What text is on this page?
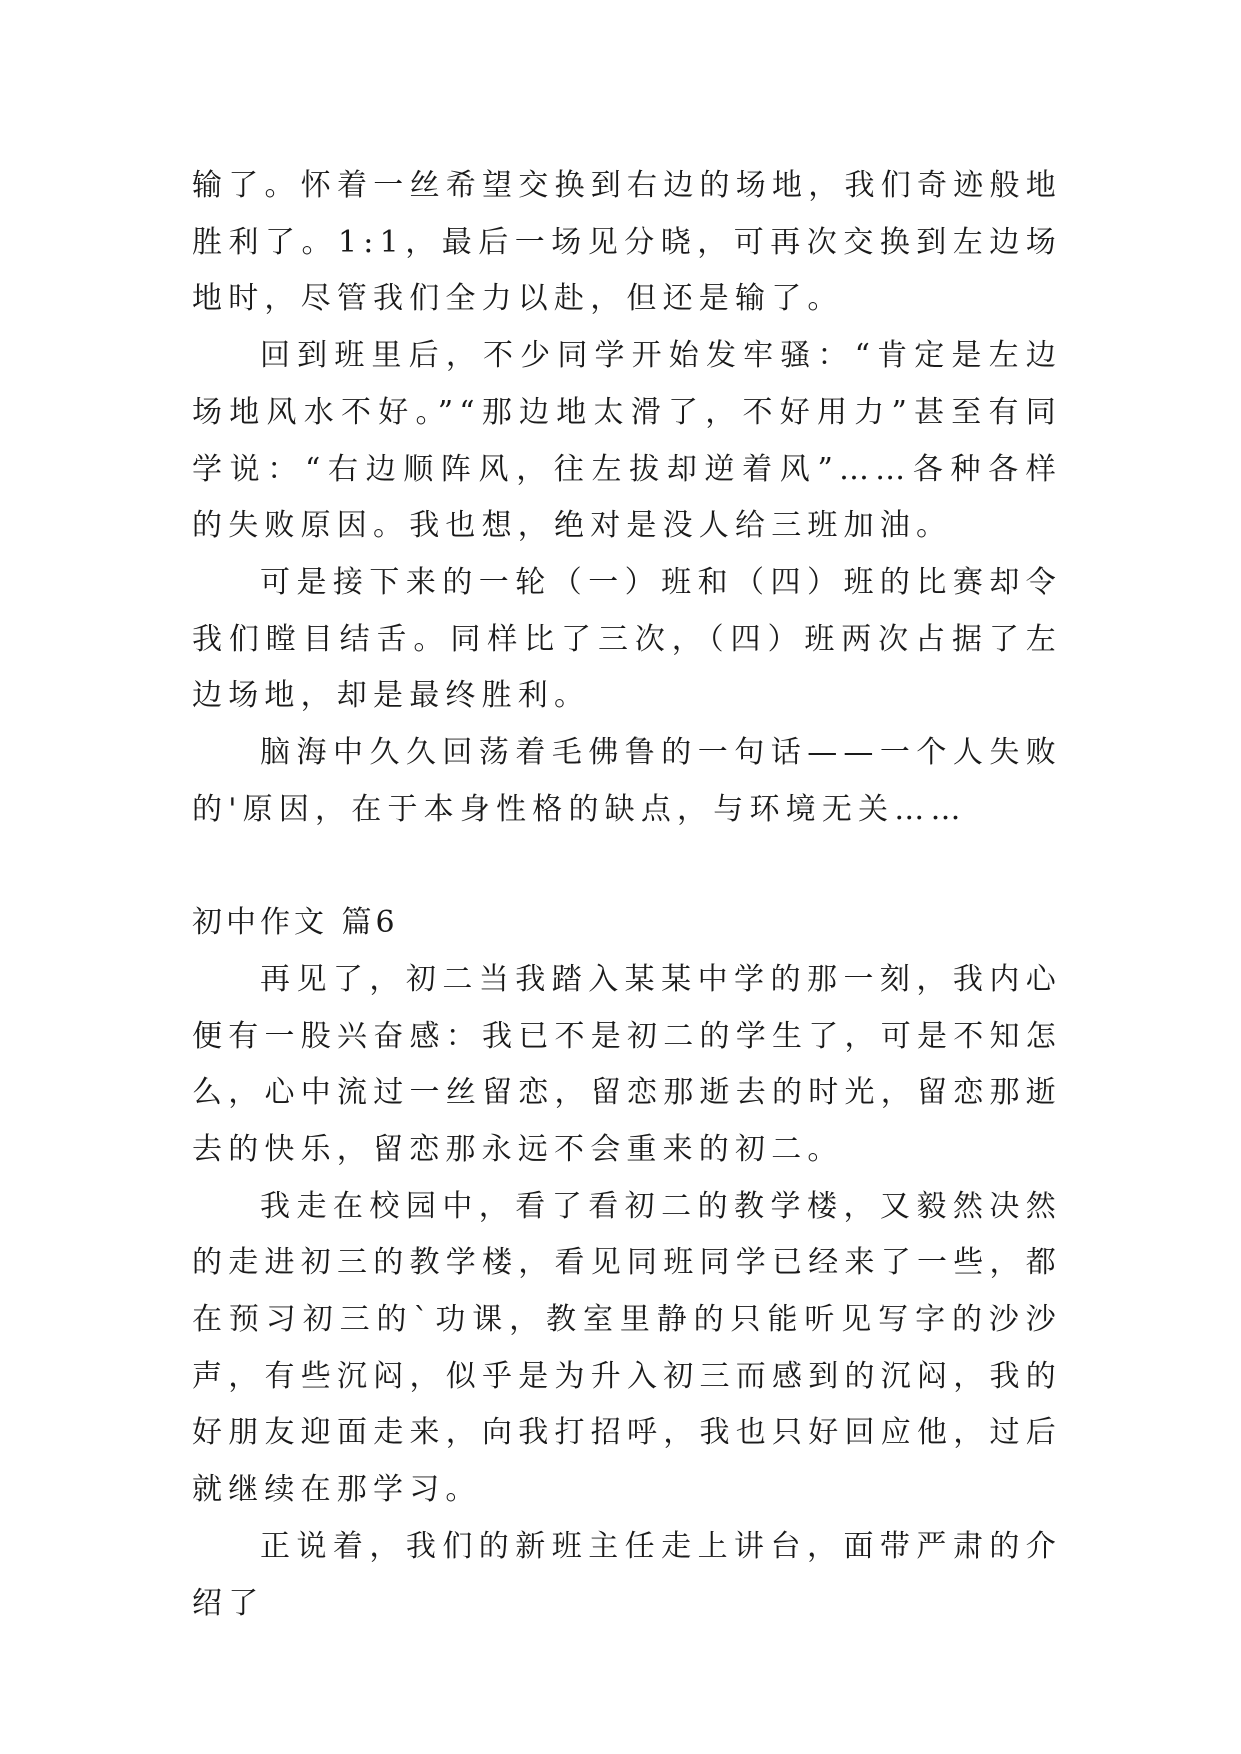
输了。怀着一丝希望交换到右边的场地，我们奇迹般地胜利了。1:1，最后一场见分晓，可再次交换到左边场地时，尽管我们全力以赴，但还是输了。

回到班里后，不少同学开始发牢骚：“肯定是左边场地风水不好。”“那边地太滑了，不好用力”甚至有同学说：“右边顺阵风，往左拔却逆着风”……各种各样的失败原因。我也想，绝对是没人给三班加油。

可是接下来的一轮（一）班和（四）班的比赛却令我们瞠目结舌。同样比了三次，（四）班两次占据了左边场地，却是最终胜利。

脑海中久久回荡着毛佛鲁的一句话——一个人失败的'原因，在于本身性格的缺点，与环境无关……

初中作文 篇6

再见了，初二当我踏入某某中学的那一刻，我内心便有一股兴奋感：我已不是初二的学生了，可是不知怎么，心中流过一丝留恋，留恋那逝去的时光，留恋那逝去的快乐，留恋那永远不会重来的初二。

我走在校园中，看了看初二的教学楼，又毅然决然的走进初三的教学楼，看见同班同学已经来了一些，都在预习初三的`功课，教室里静的只能听见写字的沙沙声，有些沉闷，似乎是为升入初三而感到的沉闷，我的好朋友迎面走来，向我打招呼，我也只好回应他，过后就继续在那学习。

正说着，我们的新班主任走上讲台，面带严肃的介绍了
